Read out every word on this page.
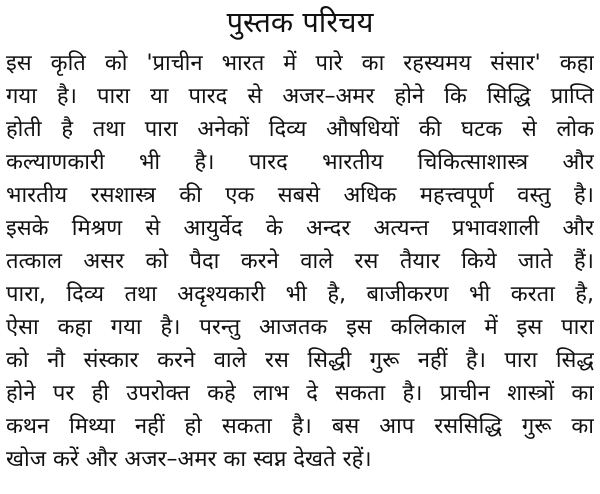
पुस्तक परिचय
इस कृति को 'प्राचीन भारत में पारे का रहस्यमय संसार' कहा
गया है। पारा या पारद से अजर–अमर होने कि सिद्धि प्राप्ति
होती है तथा पारा अनेकों दिव्य औषधियों की घटक से लोक
कल्याणकारी भी है। पारद भारतीय चिकित्साशास्त्र और
भारतीय रसशास्त्र की एक सबसे अधिक महत्त्वपूर्ण वस्तु है।
इसके मिश्रण से आयुर्वेद के अन्दर अत्यन्त प्रभावशाली और
तत्काल असर को पैदा करने वाले रस तैयार किये जाते हैं।
पारा, दिव्य तथा अदृश्यकारी भी है, बाजीकरण भी करता है,
ऐसा कहा गया है। परन्तु आजतक इस कलिकाल में इस पारा
को नौ संस्कार करने वाले रस सिद्धी गुरू नहीं है। पारा सिद्ध
होने पर ही उपरोक्त कहे लाभ दे सकता है। प्राचीन शास्त्रों का
कथन मिथ्या नहीं हो सकता है। बस आप रससिद्धि गुरू का
खोज करें और अजर–अमर का स्वप्न देखते रहें।
